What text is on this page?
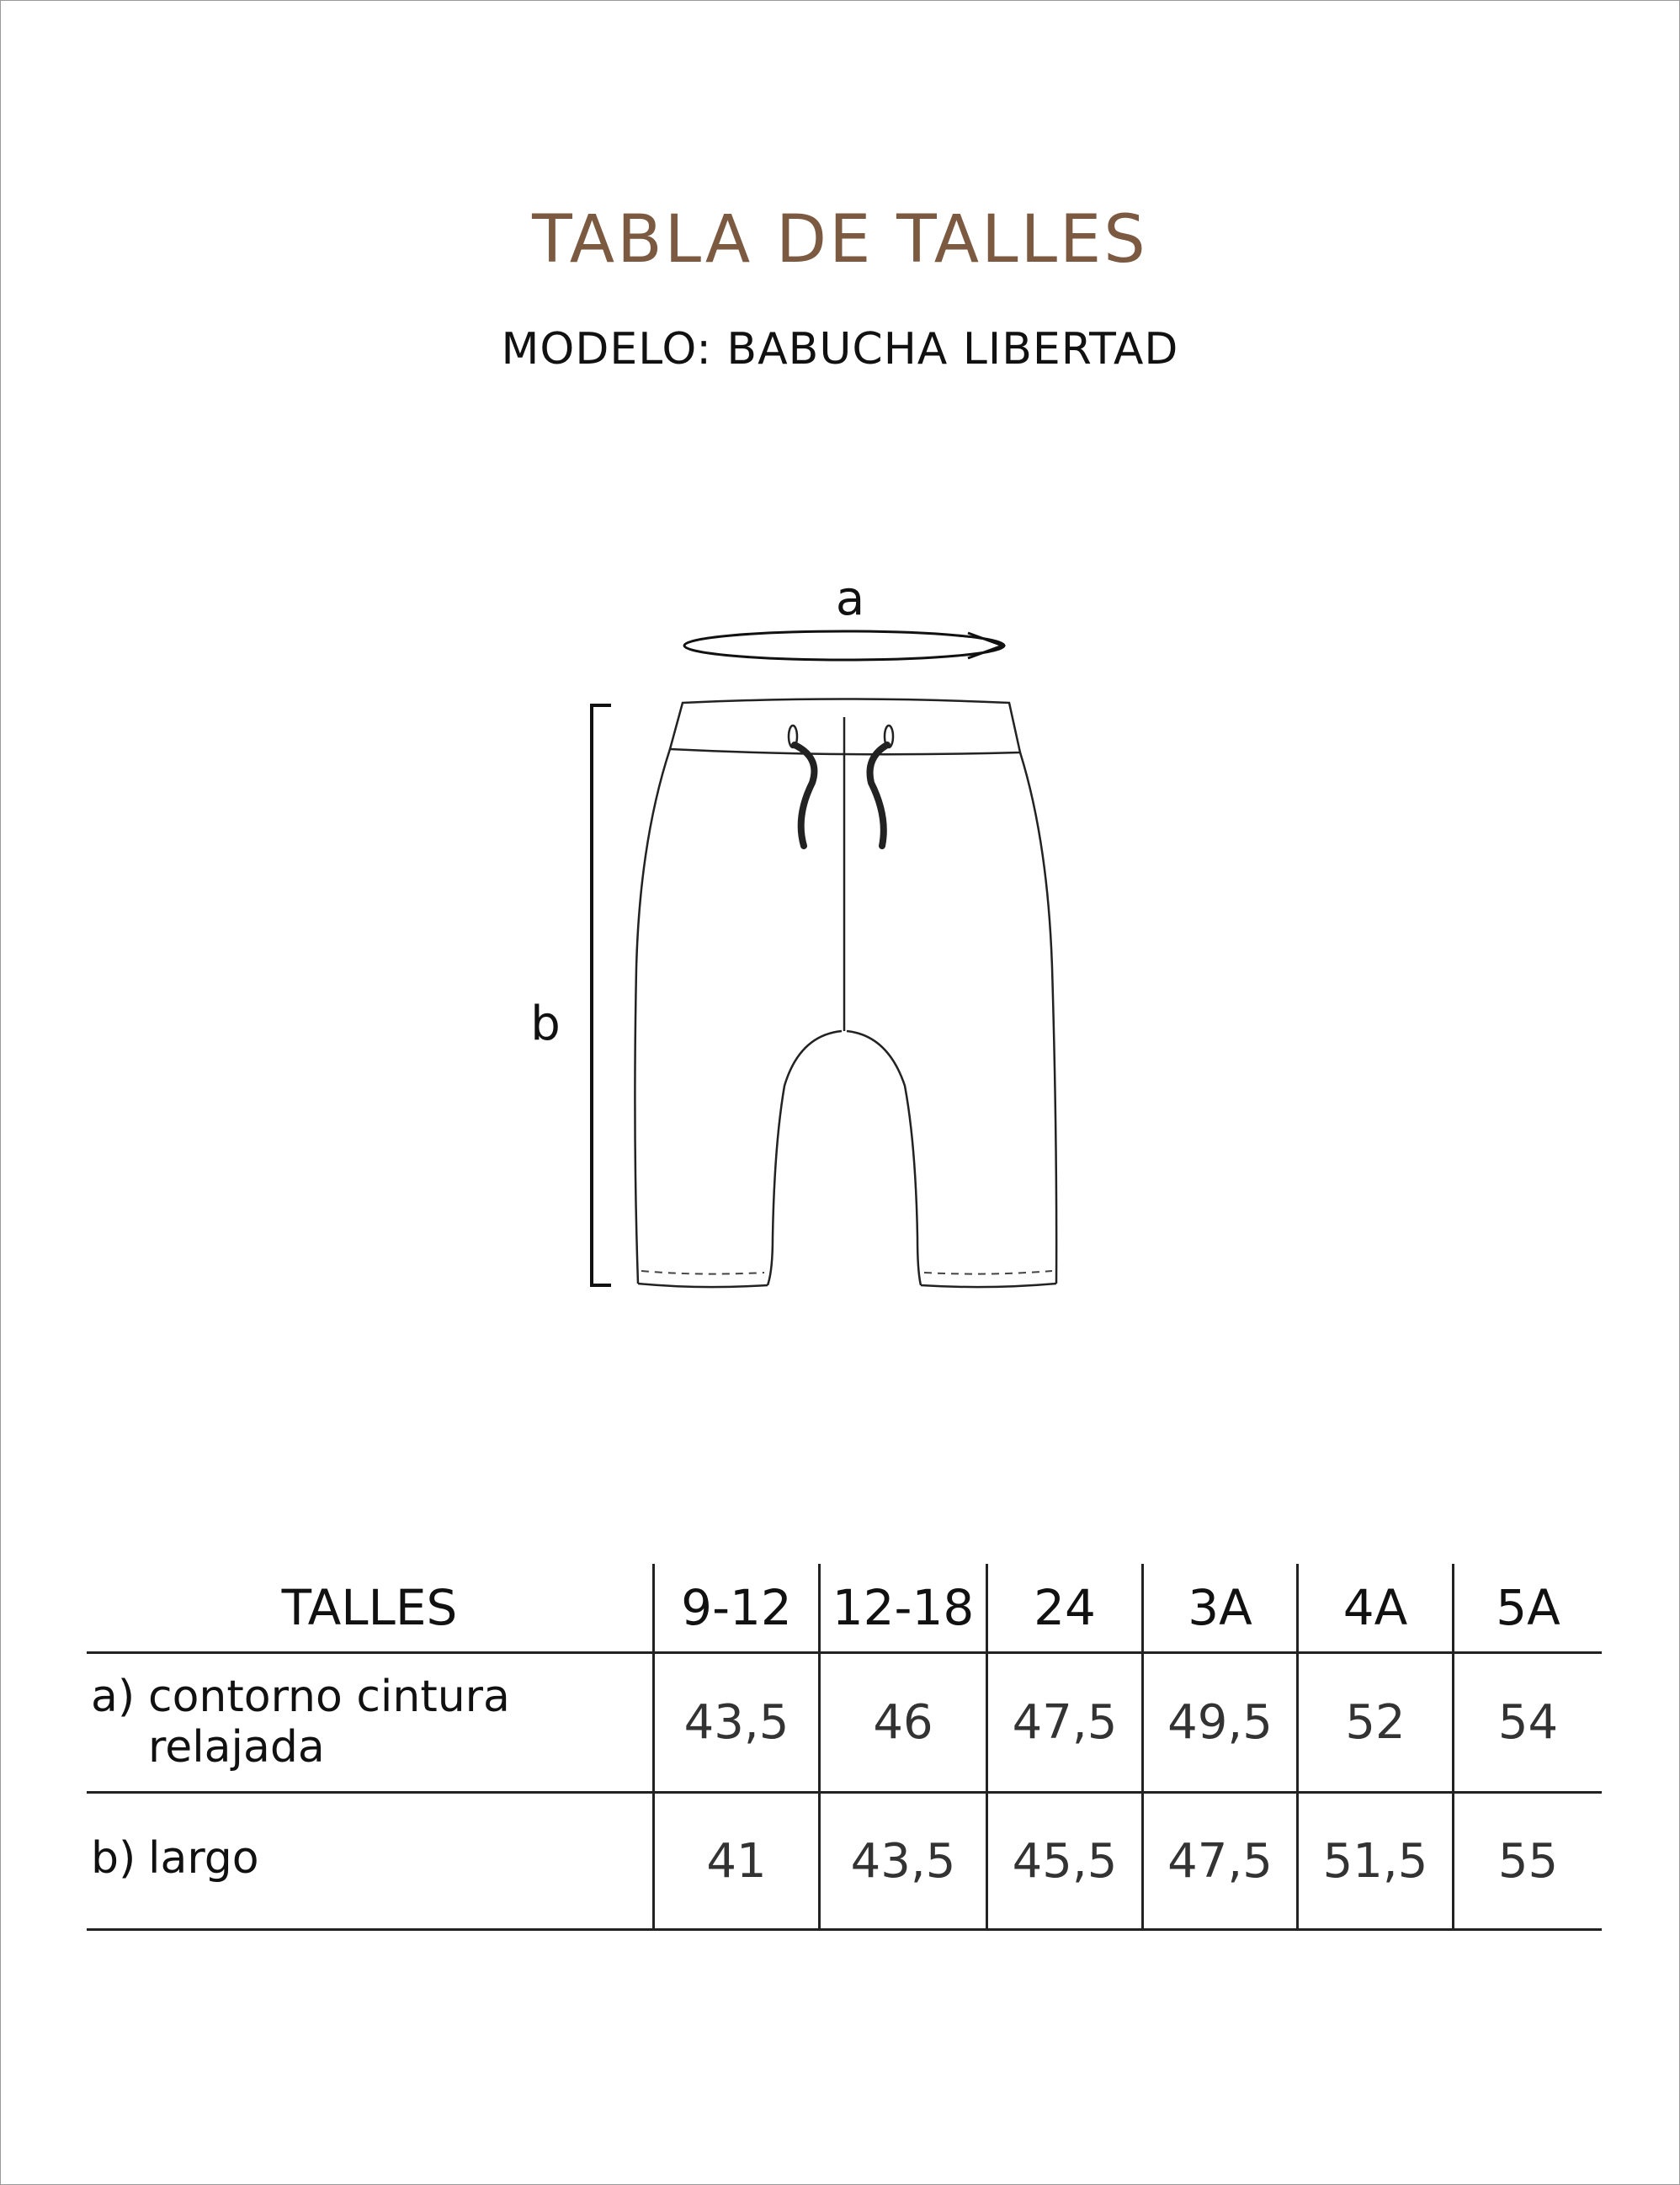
TABLA DE TALLES
MODELO: BABUCHA LIBERTAD
a
b
TALLES	9-12 12-18	24	3A	4A	5A
a) contorno cintura
relajada	43,5	46	47,5	49,5	52	54
b) largo	41	43,5	45,5	47,5	51,5	55
